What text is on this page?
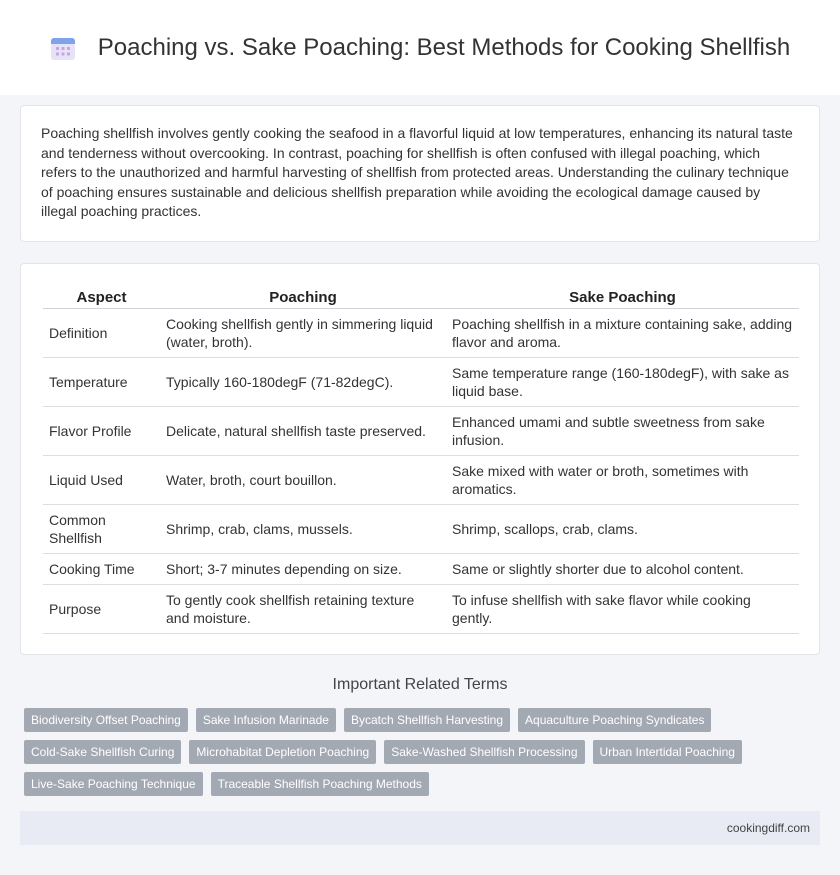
Poaching vs. Sake Poaching: Best Methods for Cooking Shellfish

Poaching shellfish involves gently cooking the seafood in a flavorful liquid at low temperatures, enhancing its natural taste and tenderness without overcooking. In contrast, poaching for shellfish is often confused with illegal poaching, which refers to the unauthorized and harmful harvesting of shellfish from protected areas. Understanding the culinary technique of poaching ensures sustainable and delicious shellfish preparation while avoiding the ecological damage caused by illegal poaching practices.

Aspect	Poaching	Sake Poaching
Definition	Cooking shellfish gently in simmering liquid (water, broth).	Poaching shellfish in a mixture containing sake, adding flavor and aroma.
Temperature	Typically 160-180degF (71-82degC).	Same temperature range (160-180degF), with sake as liquid base.
Flavor Profile	Delicate, natural shellfish taste preserved.	Enhanced umami and subtle sweetness from sake infusion.
Liquid Used	Water, broth, court bouillon.	Sake mixed with water or broth, sometimes with aromatics.
Common Shellfish	Shrimp, crab, clams, mussels.	Shrimp, scallops, crab, clams.
Cooking Time	Short; 3-7 minutes depending on size.	Same or slightly shorter due to alcohol content.
Purpose	To gently cook shellfish retaining texture and moisture.	To infuse shellfish with sake flavor while cooking gently.
Important Related Terms
Biodiversity Offset Poaching	Sake Infusion Marinade	Bycatch Shellfish Harvesting	Aquaculture Poaching Syndicates
Cold-Sake Shellfish Curing	Microhabitat Depletion Poaching	Sake-Washed Shellfish Processing	Urban Intertidal Poaching
Live-Sake Poaching Technique	Traceable Shellfish Poaching Methods
cookingdiff.com
